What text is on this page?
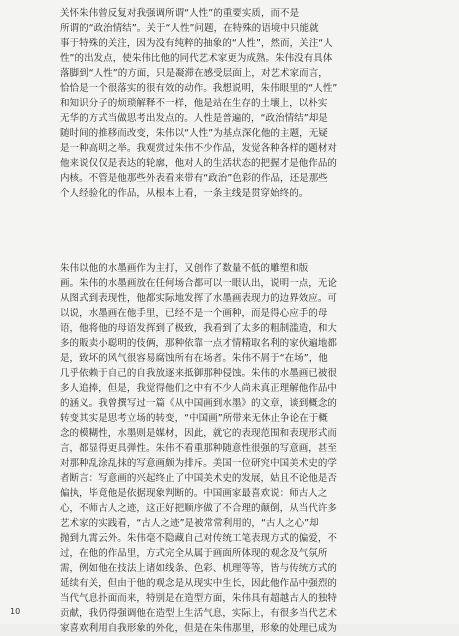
关怀朱伟曾反复对我强调所谓“人性”的重要实质，而不是
所谓的“政治情结”。关于“人性”问题，在特殊的语境中只能就
事于特殊的关注，因为没有纯粹的抽象的“人性”，然而，关注“人
性”的出发点，使朱伟比他的同代艺术家更为成熟。朱伟没有具体
落脚到“人性”的方面，只是凝滞在感受层面上，对艺术家而言，
恰恰是一个很落实的很有效的动作。我想说明，朱伟眼里的“人性”
和知识分子的烦琐解释不一样，他是站在生存的土壤上，以朴实
无华的方式当做思考出发点的。人性是普遍的，“政治情结”却是
随时间的推移而改变，朱伟以“人性”为基点深化他的主题，无疑
是一种高明之举。我观赏过朱伟不少作品，发觉各种各样的题材对
他来说仅仅是表达的轮廓，他对人的生活状态的把握才是他作品的
内核。不管是他那些外表看来带有“政治”色彩的作品，还是那些
个人经验化的作品，从根本上看，一条主线是贯穿始终的。
朱伟以他的水墨画作为主打，又创作了数量不低的雕塑和版
画。朱伟的水墨画放在任何场合都可以一眼认出，说明一点，无论
从图式到表现性，他都实际地发挥了水墨画表现力的边界效应。可
以说，水墨画在他手里，已经不是一个画种，而是得心应手的母
语，他将他的母语发挥到了极致，我看到了太多的粗制滥造，和大
多的販卖小聪明的伎俩，那种依靠一点才情精取名利的家伙遍地都
是，致坏的风气很容易腐蚀所有在场者。朱伟不屑于“在场”，他
几乎依赖于自己的自我放逐来抵御那种侵蚀。朱伟的水墨画已被很
多人追捧，但是，我觉得他们之中有不少人尚未真正理解他作品中
的涵义。我曾撰写过一篇《从中国画到水墨》的文章，谈到概念的
转变其实是思考立场的转变，“中国画”所带来无休止争论在于概
念的模糊性，水墨则是媒材，因此，就它的表现范围和表现形式而
言，都显得更具弹性。朱伟不看重那种随意性很强的写意画，甚至
对那种乱涂乱抹的写意画颇为排斥。美国一位研究中国美术史的学
者断言：写意画的兴起终止了中国美术史的发展，姑且不论他是否
偏执，毕竟他是依据现象判断的。中国画家最喜欢说：师古人之
心，不师古人之迹，这正好把顺序做了不合理的颠倒，从当代许多
艺术家的实践看，“古人之迹”是被常常利用的，“古人之心”却
抛到九霄云外。朱伟毫不隐藏自己对传统工笔表现方式的偏爱，不
过，在他的作品里，方式完全从属于画面所体现的观念及气氛所
需，例如他在技法上诸如线条、色彩、机理等等，皆与传统方式的
延续有关，但由于他的观念是从现实中生长，因此他作品中强烈的
当代气息扑面而来，特别是在造型方面，朱伟具有超越古人的独特
贡献，我仍得强调他在造型上生活气息，实际上，有很多当代艺术
家喜欢利用自我形象的外化，但是在朱伟那里，形象的处理已成为
10
